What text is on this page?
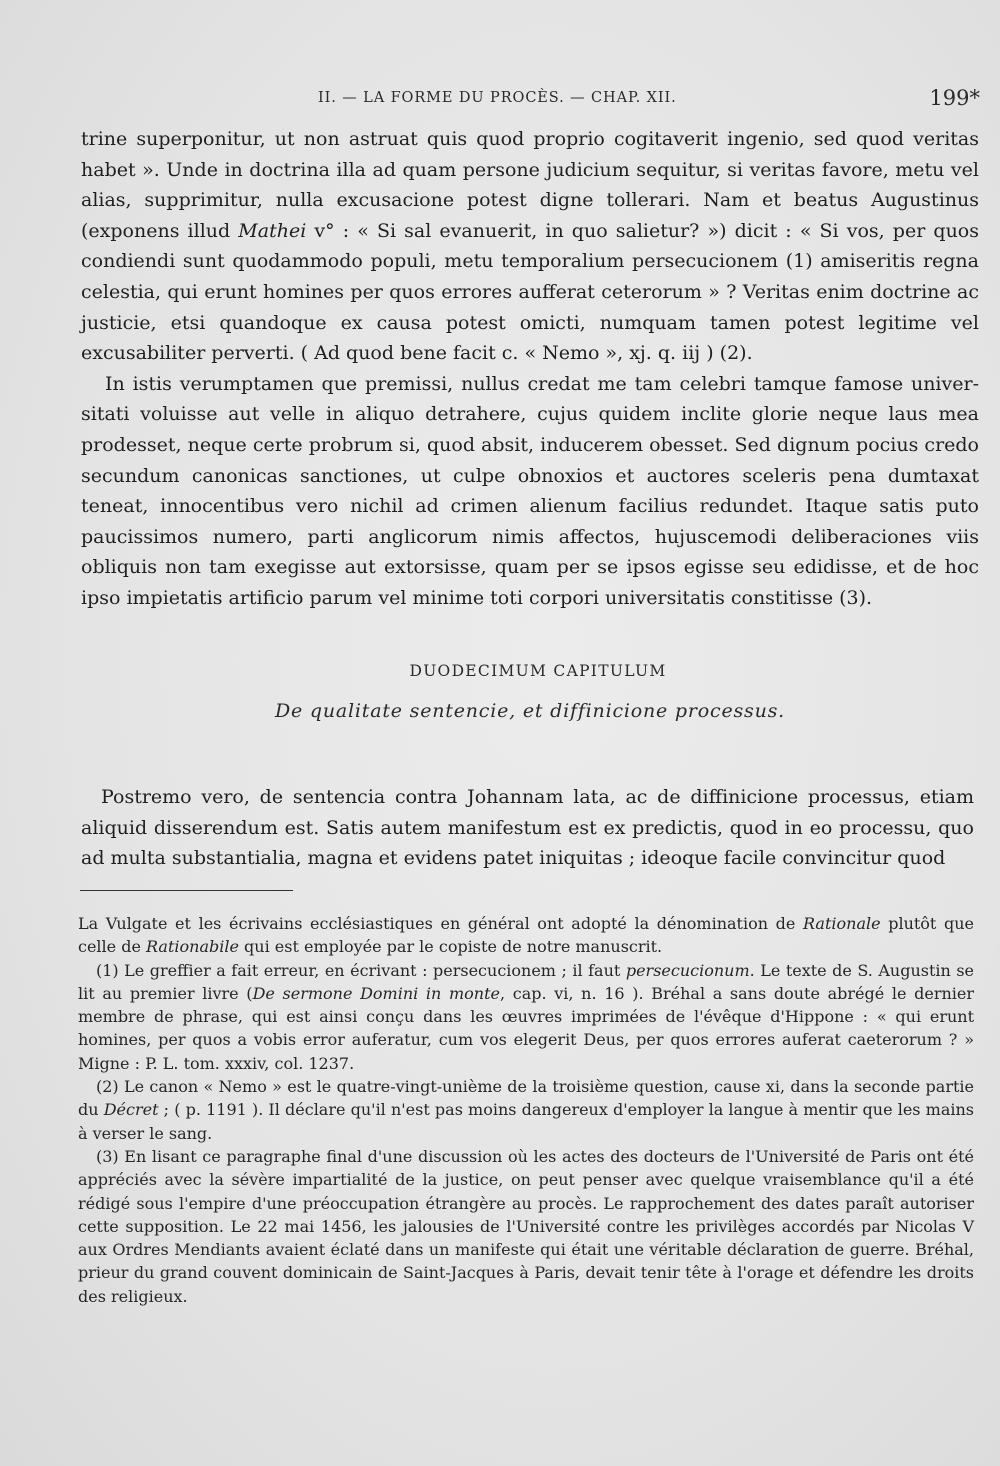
II. — LA FORME DU PROCÈS. — CHAP. XII.	199*

trine superponitur, ut non astruat quis quod proprio cogitaverit ingenio, sed quod veritas habet ». Unde in doctrina illa ad quam persone judicium sequitur, si veritas favore, metu vel alias, supprimitur, nulla excusacione potest digne tollerari. Nam et beatus Augustinus (exponens illud Mathei v° : « Si sal evanuerit, in quo salietur? ») dicit : « Si vos, per quos condiendi sunt quodammodo populi, metu temporalium persecucionem (1) amiseritis regna celestia, qui erunt homines per quos errores aufferat ceterorum » ? Veritas enim doctrine ac justicie, etsi quandoque ex causa potest omicti, numquam tamen potest legitime vel excusabiliter perverti. ( Ad quod bene facit c. « Nemo », xj. q. iij ) (2).

In istis verumptamen que premissi, nullus credat me tam celebri tamque famose universitati voluisse aut velle in aliquo detrahere, cujus quidem inclite glorie neque laus mea prodesset, neque certe probrum si, quod absit, inducerem obesset. Sed dignum pocius credo secundum canonicas sanctiones, ut culpe obnoxios et auctores sceleris pena dumtaxat teneat, innocentibus vero nichil ad crimen alienum facilius redundet. Itaque satis puto paucissimos numero, parti anglicorum nimis affectos, hujuscemodi deliberaciones viis obliquis non tam exegisse aut extorsisse, quam per se ipsos egisse seu edidisse, et de hoc ipso impietatis artificio parum vel minime toti corpori universitatis constitisse (3).

DUODECIMUM CAPITULUM
De qualitate sentencie, et diffinicione processus.

Postremo vero, de sentencia contra Johannam lata, ac de diffinicione processus, etiam aliquid disserendum est. Satis autem manifestum est ex predictis, quod in eo processu, quo ad multa substantialia, magna et evidens patet iniquitas ; ideoque facile convincitur quod

La Vulgate et les écrivains ecclésiastiques en général ont adopté la dénomination de Rationale plutôt que celle de Rationabile qui est employée par le copiste de notre manuscrit.

(1) Le greffier a fait erreur, en écrivant : persecucionem ; il faut persecucionum. Le texte de S. Augustin se lit au premier livre (De sermone Domini in monte, cap. vi, n. 16 ). Bréhal a sans doute abrégé le dernier membre de phrase, qui est ainsi conçu dans les œuvres imprimées de l'évêque d'Hippone : « qui erunt homines, per quos a vobis error auferatur, cum vos elegerit Deus, per quos errores auferat caeterorum ? » Migne : P. L. tom. xxxiv, col. 1237.

(2) Le canon « Nemo » est le quatre-vingt-unième de la troisième question, cause xi, dans la seconde partie du Décret ; ( p. 1191 ). Il déclare qu'il n'est pas moins dangereux d'employer la langue à mentir que les mains à verser le sang.

(3) En lisant ce paragraphe final d'une discussion où les actes des docteurs de l'Université de Paris ont été appréciés avec la sévère impartialité de la justice, on peut penser avec quelque vraisemblance qu'il a été rédigé sous l'empire d'une préoccupation étrangère au procès. Le rapprochement des dates paraît autoriser cette supposition. Le 22 mai 1456, les jalousies de l'Université contre les privilèges accordés par Nicolas V aux Ordres Mendiants avaient éclaté dans un manifeste qui était une véritable déclaration de guerre. Bréhal, prieur du grand couvent dominicain de Saint-Jacques à Paris, devait tenir tête à l'orage et défendre les droits des religieux.
